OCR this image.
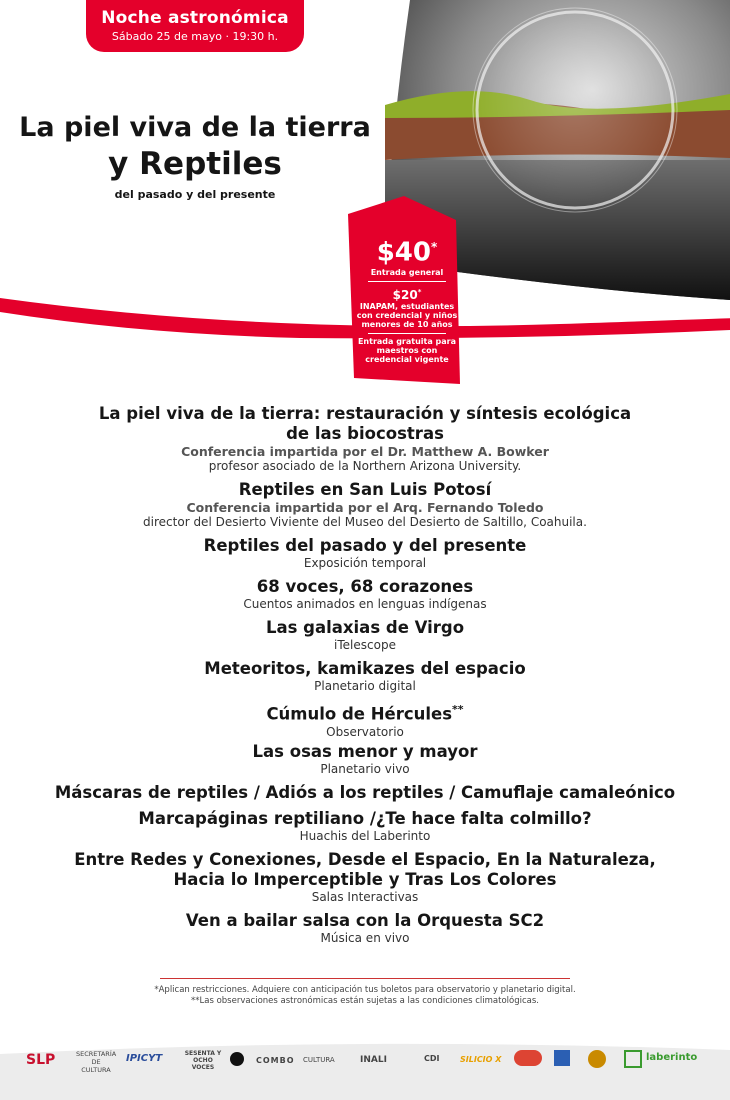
Noche astronómica
Sábado 25 de mayo · 19:30 h.
La piel viva de la tierra
y Reptiles
del pasado y del presente
$40*
Entrada general
$20*
INAPAM, estudiantes con credencial y niños menores de 10 años
Entrada gratuita para maestros con credencial vigente
La piel viva de la tierra: restauración y síntesis ecológica
de las biocostras
Conferencia impartida por el Dr. Matthew A. Bowker
profesor asociado de la Northern Arizona University.
Reptiles en San Luis Potosí
Conferencia impartida por el Arq. Fernando Toledo
director del Desierto Viviente del Museo del Desierto de Saltillo, Coahuila.
Reptiles del pasado y del presente
Exposición temporal
68 voces, 68 corazones
Cuentos animados en lenguas indígenas
Las galaxias de Virgo
iTelescope
Meteoritos, kamikazes del espacio
Planetario digital
Cúmulo de Hércules**
Observatorio
Las osas menor y mayor
Planetario vivo
Máscaras de reptiles / Adiós a los reptiles / Camuflaje camaleónico
Marcapáginas reptiliano /¿Te hace falta colmillo?
Huachis del Laberinto
Entre Redes y Conexiones, Desde el Espacio, En la Naturaleza,
Hacia lo Imperceptible y Tras Los Colores
Salas Interactivas
Ven a bailar salsa con la Orquesta SC2
Música en vivo
*Aplican restricciones. Adquiere con anticipación tus boletos para observatorio y planetario digital.
**Las observaciones astronómicas están sujetas a las condiciones climatológicas.
SLP	SECRETARÍA DE CULTURA
IPICYT	SESENTA Y OCHO VOCES
COMBO CULTURA	INALI	CDI	SILICIO X	laberinto
